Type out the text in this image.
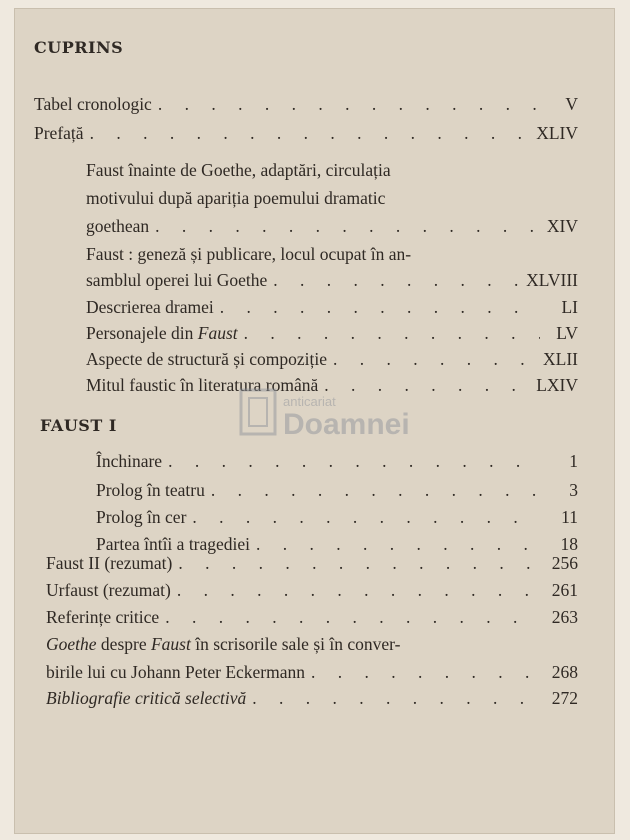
CUPRINS
Tabel cronologic . . .	V
Prefață . . .	XLIV
Faust înainte de Goethe, adaptări, circulația
motivului după apariția poemului dramatic
goethean . . .	XIV
Faust : geneză și publicare, locul ocupat în an-
samblul operei lui Goethe . . .	XLVIII
Descrierea dramei . . .	LI
Personajele din Faust . . .	LV
Aspecte de structură și compoziție . . .	XLII
Mitul faustic în literatura română . . .	LXIV
FAUST I
Închinare . . .	1
Prolog în teatru . . .	3
Prolog în cer . . .	11
Partea întîi a tragediei . . .	18
Faust II (rezumat) . . .	256
Urfaust (rezumat) . . .	261
Referințe critice . . .	263
Goethe despre Faust în scrisorile sale și în conver-
birile lui cu Johann Peter Eckermann . . .	268
Bibliografie critică selectivă . . .	272
anticariat
Doamnei
